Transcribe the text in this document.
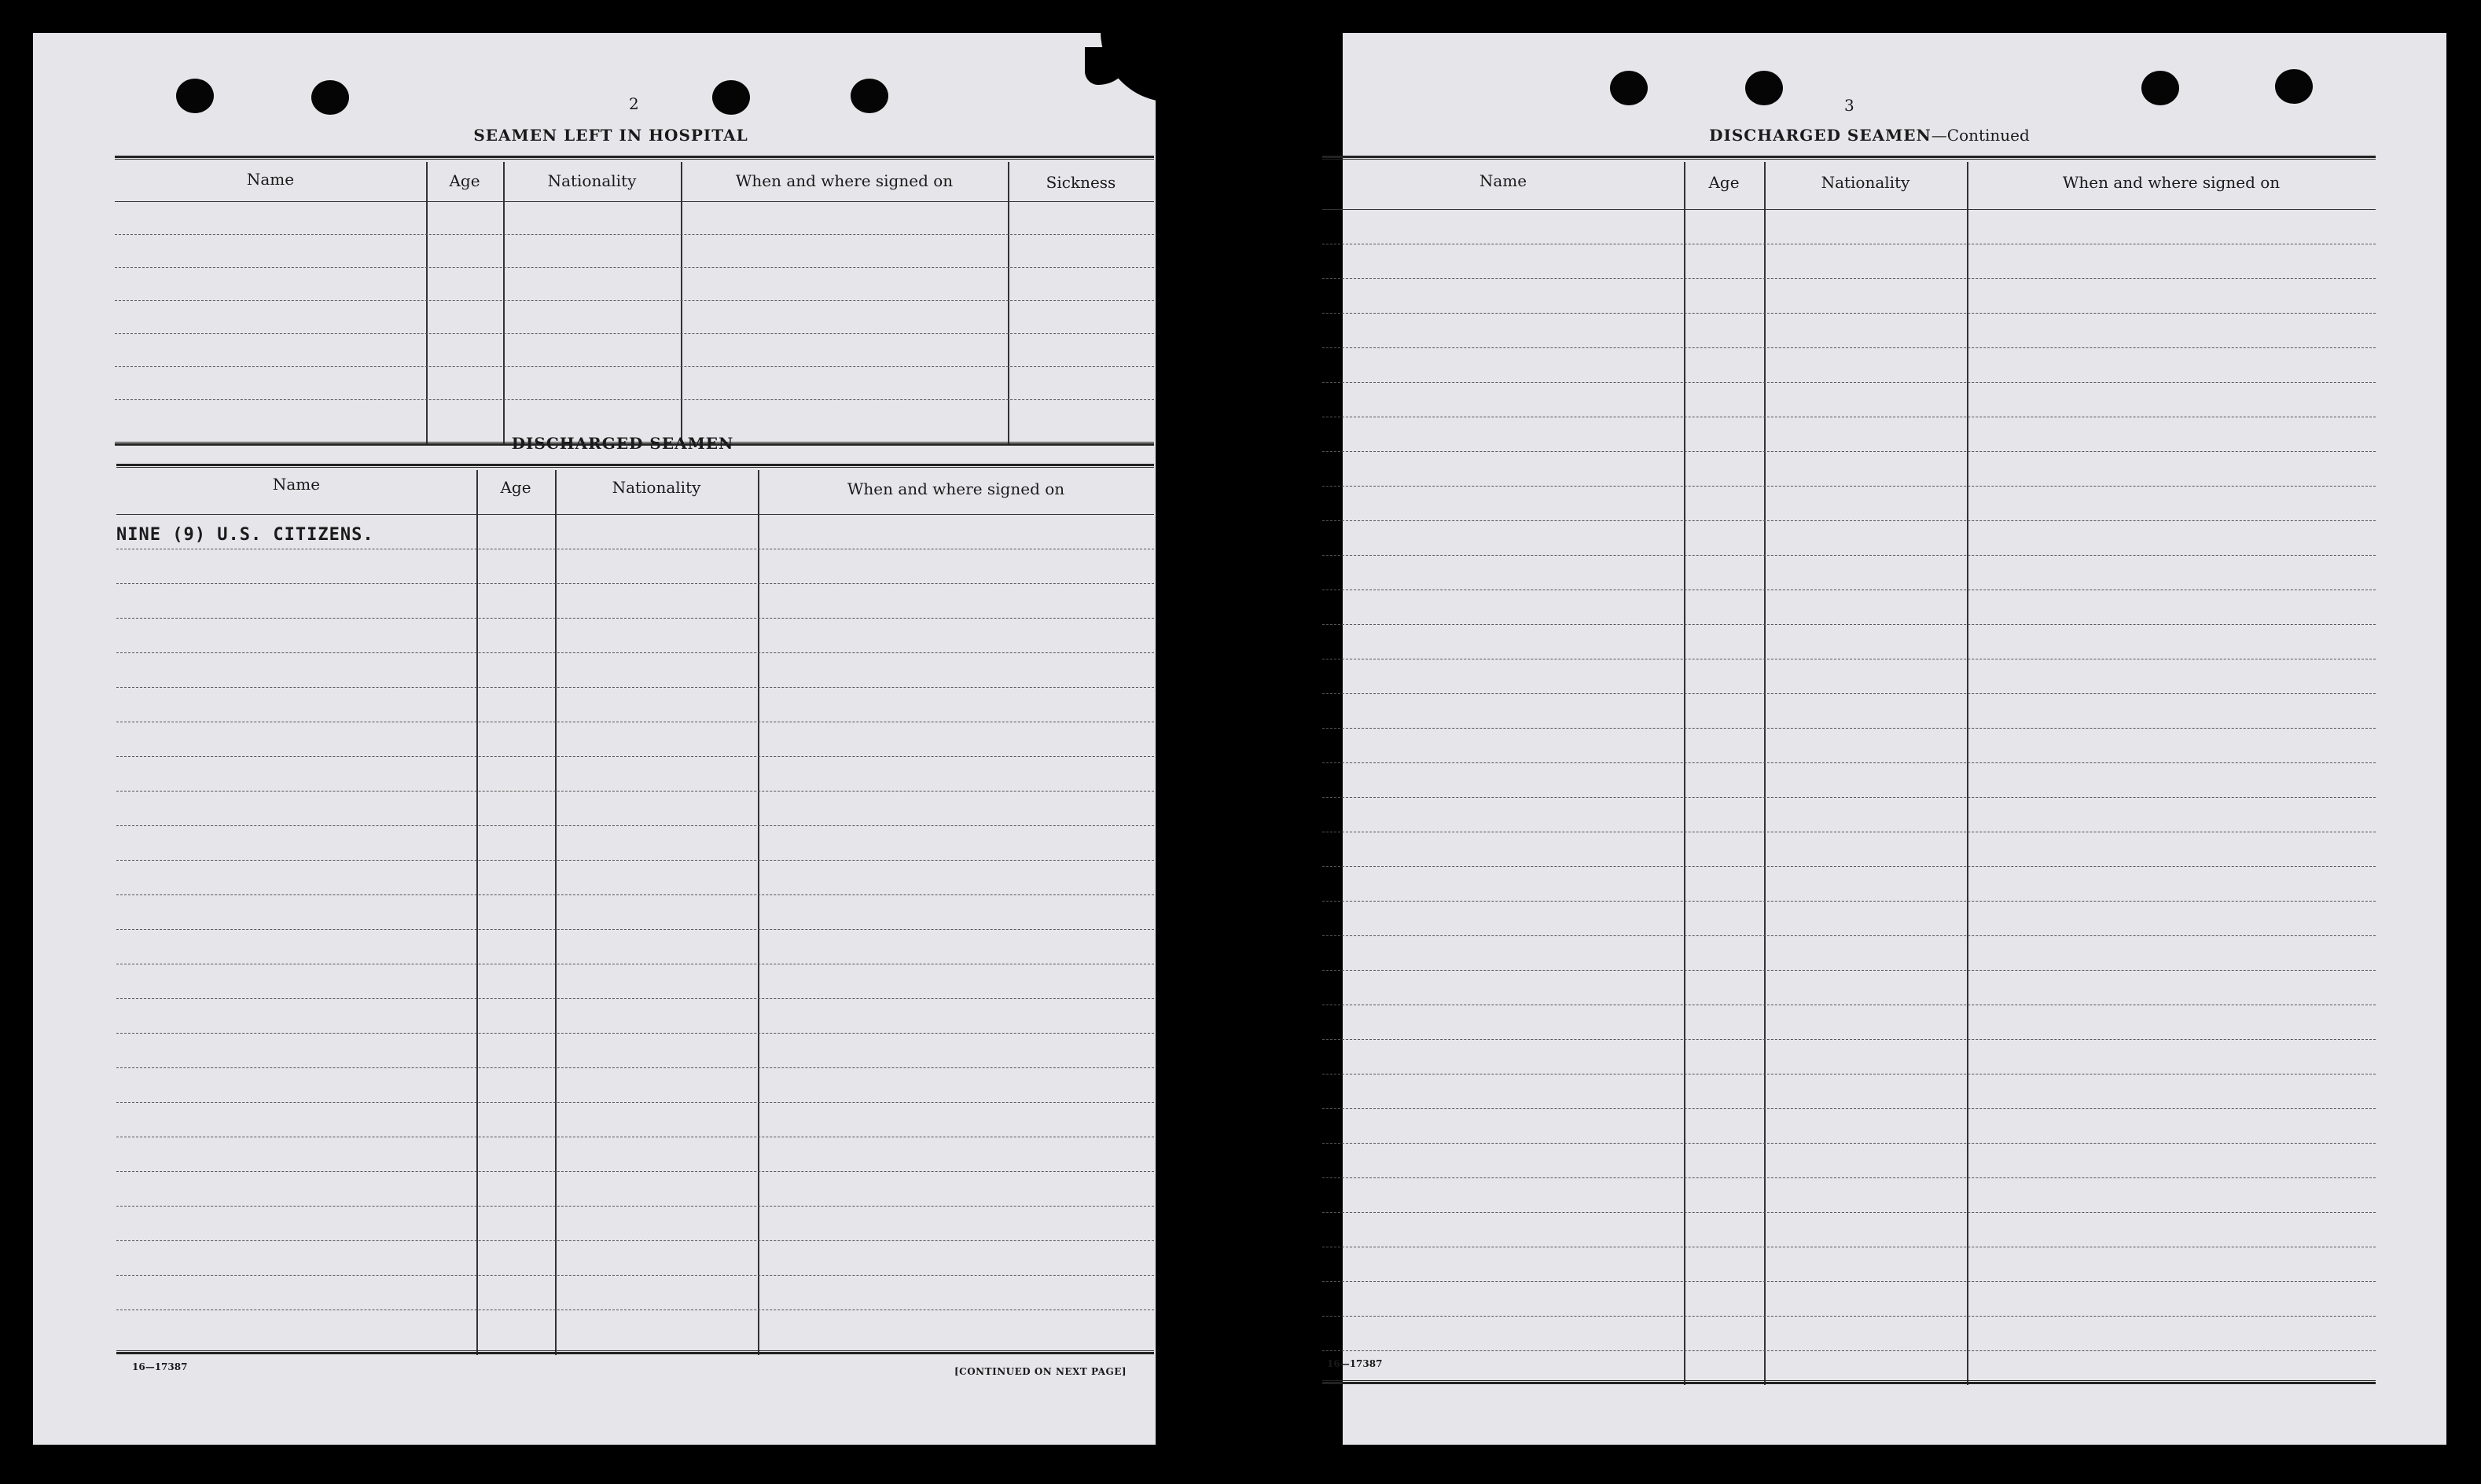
2
SEAMEN LEFT IN HOSPITAL
Name	Age	Nationality	When and where signed on	Sickness
DISCHARGED SEAMEN
Name	Age	Nationality	When and where signed on
NINE (9) U.S. CITIZENS.
16—17387	[CONTINUED ON NEXT PAGE]
3
DISCHARGED SEAMEN—Continued
Name	Age	Nationality	When and where signed on
16—17387
